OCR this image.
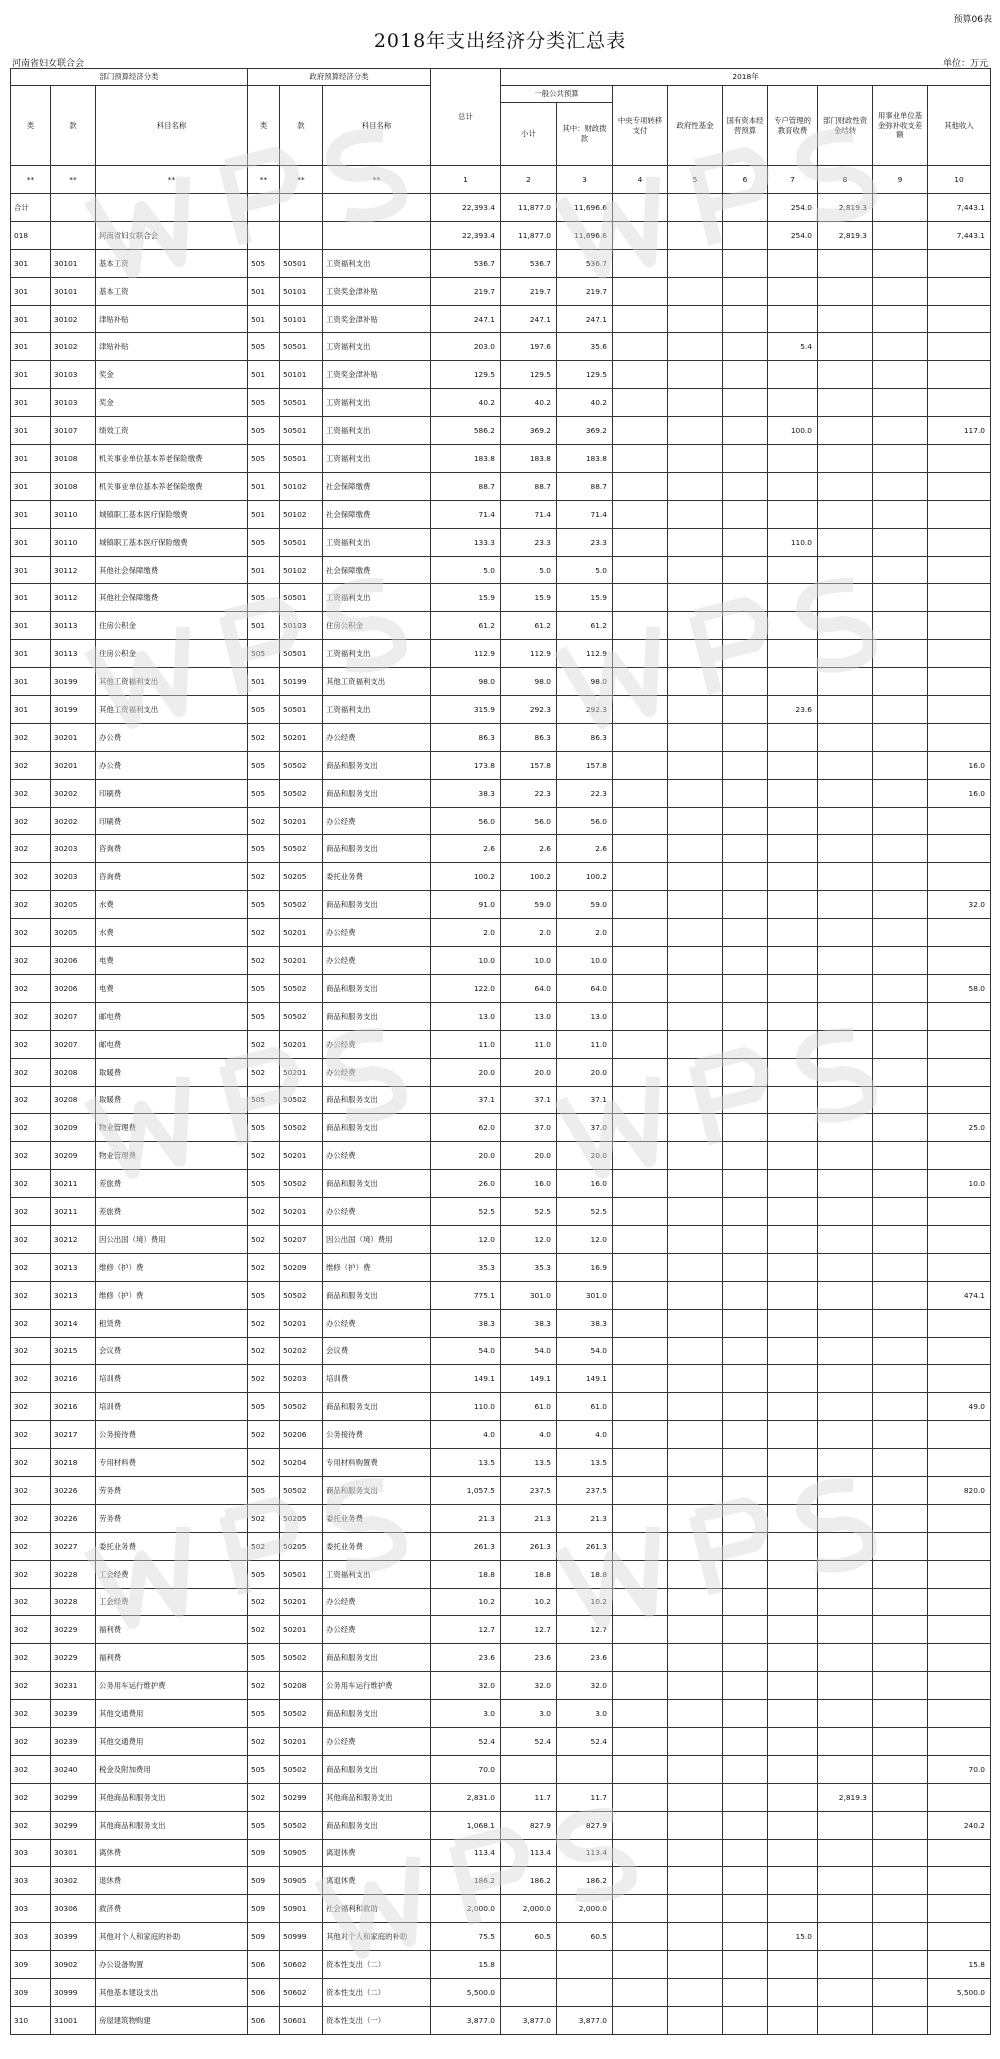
预算06表
2018年支出经济分类汇总表
河南省妇女联合会	单位：万元
部门预算经济分类			政府预算经济分类			总计	2018年								
类	款	科目名称	类	款	科目名称		一般公共预算		中央专项转移支付	政府性基金	国有资本经营预算	专户管理的教育收费	部门财政性资金结转	用事业单位基金弥补收支差额	其他收入
							小计	其中：财政拨款							
**	**	**	**	**	**	1	2	3	4	5	6	7	8	9	10
合计						22,393.4	11,877.0	11,696.6				254.0	2,819.3		7,443.1
018		河南省妇女联合会				22,393.4	11,877.0	11,696.6				254.0	2,819.3		7,443.1
301	30101	基本工资	505	50501	工资福利支出	536.7	536.7	536.7							
301	30101	基本工资	501	50101	工资奖金津补贴	219.7	219.7	219.7							
301	30102	津贴补贴	501	50101	工资奖金津补贴	247.1	247.1	247.1							
301	30102	津贴补贴	505	50501	工资福利支出	203.0	197.6	35.6				5.4			
301	30103	奖金	501	50101	工资奖金津补贴	129.5	129.5	129.5							
301	30103	奖金	505	50501	工资福利支出	40.2	40.2	40.2							
301	30107	绩效工资	505	50501	工资福利支出	586.2	369.2	369.2				100.0			117.0
301	30108	机关事业单位基本养老保险缴费	505	50501	工资福利支出	183.8	183.8	183.8							
301	30108	机关事业单位基本养老保险缴费	501	50102	社会保障缴费	88.7	88.7	88.7							
301	30110	城镇职工基本医疗保险缴费	501	50102	社会保障缴费	71.4	71.4	71.4							
301	30110	城镇职工基本医疗保险缴费	505	50501	工资福利支出	133.3	23.3	23.3				110.0			
301	30112	其他社会保障缴费	501	50102	社会保障缴费	5.0	5.0	5.0							
301	30112	其他社会保障缴费	505	50501	工资福利支出	15.9	15.9	15.9							
301	30113	住房公积金	501	50103	住房公积金	61.2	61.2	61.2							
301	30113	住房公积金	505	50501	工资福利支出	112.9	112.9	112.9							
301	30199	其他工资福利支出	501	50199	其他工资福利支出	98.0	98.0	98.0							
301	30199	其他工资福利支出	505	50501	工资福利支出	315.9	292.3	292.3				23.6			
302	30201	办公费	502	50201	办公经费	86.3	86.3	86.3							
302	30201	办公费	505	50502	商品和服务支出	173.8	157.8	157.8							16.0
302	30202	印刷费	505	50502	商品和服务支出	38.3	22.3	22.3							16.0
302	30202	印刷费	502	50201	办公经费	56.0	56.0	56.0							
302	30203	咨询费	505	50502	商品和服务支出	2.6	2.6	2.6							
302	30203	咨询费	502	50205	委托业务费	100.2	100.2	100.2							
302	30205	水费	505	50502	商品和服务支出	91.0	59.0	59.0							32.0
302	30205	水费	502	50201	办公经费	2.0	2.0	2.0							
302	30206	电费	502	50201	办公经费	10.0	10.0	10.0							
302	30206	电费	505	50502	商品和服务支出	122.0	64.0	64.0							58.0
302	30207	邮电费	505	50502	商品和服务支出	13.0	13.0	13.0							
302	30207	邮电费	502	50201	办公经费	11.0	11.0	11.0							
302	30208	取暖费	502	50201	办公经费	20.0	20.0	20.0							
302	30208	取暖费	505	50502	商品和服务支出	37.1	37.1	37.1							
302	30209	物业管理费	505	50502	商品和服务支出	62.0	37.0	37.0							25.0
302	30209	物业管理费	502	50201	办公经费	20.0	20.0	20.0							
302	30211	差旅费	505	50502	商品和服务支出	26.0	16.0	16.0							10.0
302	30211	差旅费	502	50201	办公经费	52.5	52.5	52.5							
302	30212	因公出国（境）费用	502	50207	因公出国（境）费用	12.0	12.0	12.0							
302	30213	维修（护）费	502	50209	维修（护）费	35.3	35.3	16.9							
302	30213	维修（护）费	505	50502	商品和服务支出	775.1	301.0	301.0							474.1
302	30214	租赁费	502	50201	办公经费	38.3	38.3	38.3							
302	30215	会议费	502	50202	会议费	54.0	54.0	54.0							
302	30216	培训费	502	50203	培训费	149.1	149.1	149.1							
302	30216	培训费	505	50502	商品和服务支出	110.0	61.0	61.0							49.0
302	30217	公务接待费	502	50206	公务接待费	4.0	4.0	4.0							
302	30218	专用材料费	502	50204	专用材料购置费	13.5	13.5	13.5							
302	30226	劳务费	505	50502	商品和服务支出	1,057.5	237.5	237.5							820.0
302	30226	劳务费	502	50205	委托业务费	21.3	21.3	21.3							
302	30227	委托业务费	502	50205	委托业务费	261.3	261.3	261.3							
302	30228	工会经费	505	50501	工资福利支出	18.8	18.8	18.8							
302	30228	工会经费	502	50201	办公经费	10.2	10.2	10.2							
302	30229	福利费	502	50201	办公经费	12.7	12.7	12.7							
302	30229	福利费	505	50502	商品和服务支出	23.6	23.6	23.6							
302	30231	公务用车运行维护费	502	50208	公务用车运行维护费	32.0	32.0	32.0							
302	30239	其他交通费用	505	50502	商品和服务支出	3.0	3.0	3.0							
302	30239	其他交通费用	502	50201	办公经费	52.4	52.4	52.4							
302	30240	税金及附加费用	505	50502	商品和服务支出	70.0									70.0
302	30299	其他商品和服务支出	502	50299	其他商品和服务支出	2,831.0	11.7	11.7					2,819.3		
302	30299	其他商品和服务支出	505	50502	商品和服务支出	1,068.1	827.9	827.9							240.2
303	30301	离休费	509	50905	离退休费	113.4	113.4	113.4							
303	30302	退休费	509	50905	离退休费	186.2	186.2	186.2							
303	30306	救济费	509	50901	社会福利和救助	2,000.0	2,000.0	2,000.0							
303	30399	其他对个人和家庭的补助	509	50999	其他对个人和家庭的补助	75.5	60.5	60.5				15.0			
309	30902	办公设备购置	506	50602	资本性支出（二）	15.8									15.8
309	30999	其他基本建设支出	506	50602	资本性支出（二）	5,500.0									5,500.0
310	31001	房屋建筑物购建	506	50601	资本性支出（一）	3,877.0	3,877.0	3,877.0							
